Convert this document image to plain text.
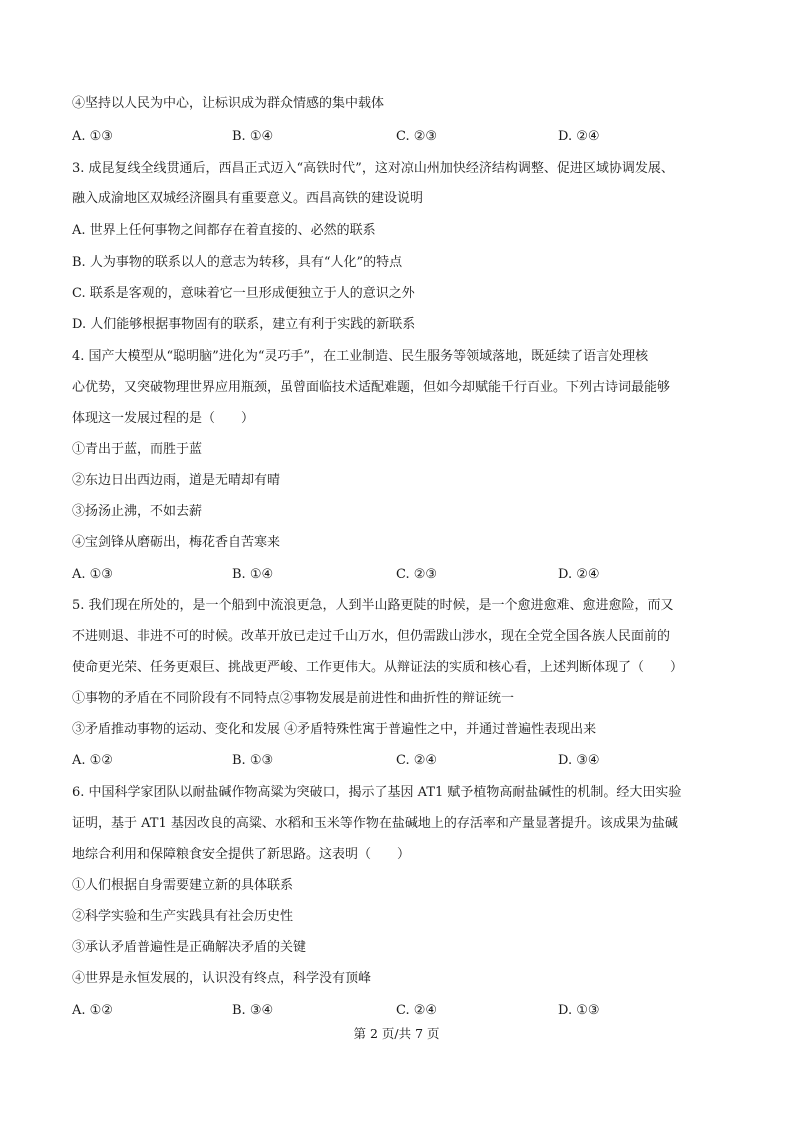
④坚持以人民为中心，让标识成为群众情感的集中载体
A. ①③	B. ①④	C. ②③	D. ②④
3. 成昆复线全线贯通后，西昌正式迈入“高铁时代”，这对凉山州加快经济结构调整、促进区域协调发展、
融入成渝地区双城经济圈具有重要意义。西昌高铁的建设说明
A. 世界上任何事物之间都存在着直接的、必然的联系
B. 人为事物的联系以人的意志为转移，具有“人化”的特点
C. 联系是客观的，意味着它一旦形成便独立于人的意识之外
D. 人们能够根据事物固有的联系，建立有利于实践的新联系
4. 国产大模型从“聪明脑”进化为“灵巧手”，在工业制造、民生服务等领域落地，既延续了语言处理核
心优势，又突破物理世界应用瓶颈，虽曾面临技术适配难题，但如今却赋能千行百业。下列古诗词最能够
体现这一发展过程的是（　　）
①青出于蓝，而胜于蓝
②东边日出西边雨，道是无晴却有晴
③扬汤止沸，不如去薪
④宝剑锋从磨砺出，梅花香自苦寒来
A. ①③	B. ①④	C. ②③	D. ②④
5. 我们现在所处的，是一个船到中流浪更急，人到半山路更陡的时候，是一个愈进愈难、愈进愈险，而又
不进则退、非进不可的时候。改革开放已走过千山万水，但仍需跋山涉水，现在全党全国各族人民面前的
使命更光荣、任务更艰巨、挑战更严峻、工作更伟大。从辩证法的实质和核心看，上述判断体现了（　　）
①事物的矛盾在不同阶段有不同特点②事物发展是前进性和曲折性的辩证统一
③矛盾推动事物的运动、变化和发展 ④矛盾特殊性寓于普遍性之中，并通过普遍性表现出来
A. ①②	B. ①③	C. ②④	D. ③④
6. 中国科学家团队以耐盐碱作物高粱为突破口，揭示了基因 AT1 赋予植物高耐盐碱性的机制。经大田实验
证明，基于 AT1 基因改良的高粱、水稻和玉米等作物在盐碱地上的存活率和产量显著提升。该成果为盐碱
地综合利用和保障粮食安全提供了新思路。这表明（　　）
①人们根据自身需要建立新的具体联系
②科学实验和生产实践具有社会历史性
③承认矛盾普遍性是正确解决矛盾的关键
④世界是永恒发展的，认识没有终点，科学没有顶峰
A. ①②	B. ③④	C. ②④	D. ①③
第 2 页/共 7 页
